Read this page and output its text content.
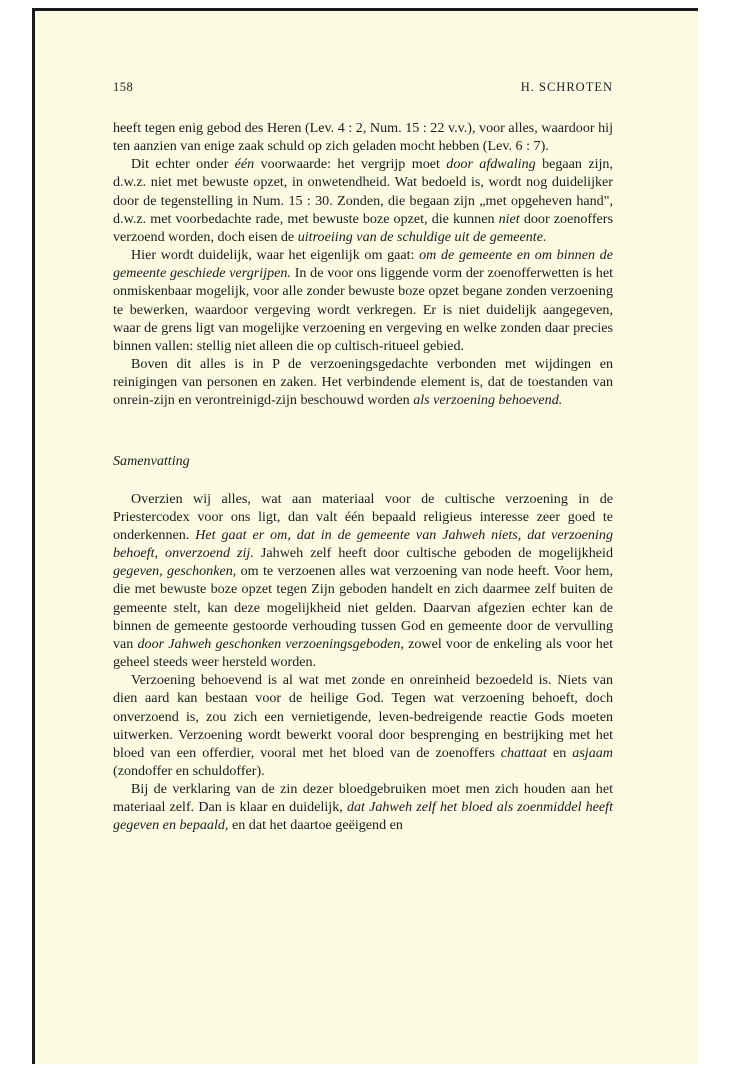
158	H. SCHROTEN

heeft tegen enig gebod des Heren (Lev. 4 : 2, Num. 15 : 22 v.v.), voor alles, waardoor hij ten aanzien van enige zaak schuld op zich geladen mocht hebben (Lev. 6 : 7).

Dit echter onder één voorwaarde: het vergrijp moet door afdwaling begaan zijn, d.w.z. niet met bewuste opzet, in onwetendheid. Wat bedoeld is, wordt nog duidelijker door de tegenstelling in Num. 15 : 30. Zonden, die begaan zijn „met opgeheven hand", d.w.z. met voorbedachte rade, met bewuste boze opzet, die kunnen niet door zoenoffers verzoend worden, doch eisen de uitroeiing van de schuldige uit de gemeente.

Hier wordt duidelijk, waar het eigenlijk om gaat: om de gemeente en om binnen de gemeente geschiede vergrijpen. In de voor ons liggende vorm der zoenofferwetten is het onmiskenbaar mogelijk, voor alle zonder bewuste boze opzet begane zonden verzoening te bewerken, waardoor vergeving wordt verkregen. Er is niet duidelijk aangegeven, waar de grens ligt van mogelijke verzoening en vergeving en welke zonden daar precies binnen vallen: stellig niet alleen die op cultisch-ritueel gebied.

Boven dit alles is in P de verzoeningsgedachte verbonden met wijdingen en reinigingen van personen en zaken. Het verbindende element is, dat de toestanden van onrein-zijn en verontreinigd-zijn beschouwd worden als verzoening behoevend.

Samenvatting

Overzien wij alles, wat aan materiaal voor de cultische verzoening in de Priestercodex voor ons ligt, dan valt één bepaald religieus interesse zeer goed te onderkennen. Het gaat er om, dat in de gemeente van Jahweh niets, dat verzoening behoeft, onverzoend zij. Jahweh zelf heeft door cultische geboden de mogelijkheid gegeven, geschonken, om te verzoenen alles wat verzoening van node heeft. Voor hem, die met bewuste boze opzet tegen Zijn geboden handelt en zich daarmee zelf buiten de gemeente stelt, kan deze mogelijkheid niet gelden. Daarvan afgezien echter kan de binnen de gemeente gestoorde verhouding tussen God en gemeente door de vervulling van door Jahweh geschonken verzoeningsgeboden, zowel voor de enkeling als voor het geheel steeds weer hersteld worden.

Verzoening behoevend is al wat met zonde en onreinheid bezoedeld is. Niets van dien aard kan bestaan voor de heilige God. Tegen wat verzoening behoeft, doch onverzoend is, zou zich een vernietigende, leven-bedreigende reactie Gods moeten uitwerken. Verzoening wordt bewerkt vooral door besprenging en bestrijking met het bloed van een offerdier, vooral met het bloed van de zoenoffers chattaat en asjaam (zondoffer en schuldoffer).

Bij de verklaring van de zin dezer bloedgebruiken moet men zich houden aan het materiaal zelf. Dan is klaar en duidelijk, dat Jahweh zelf het bloed als zoenmiddel heeft gegeven en bepaald, en dat het daartoe geëigend en
